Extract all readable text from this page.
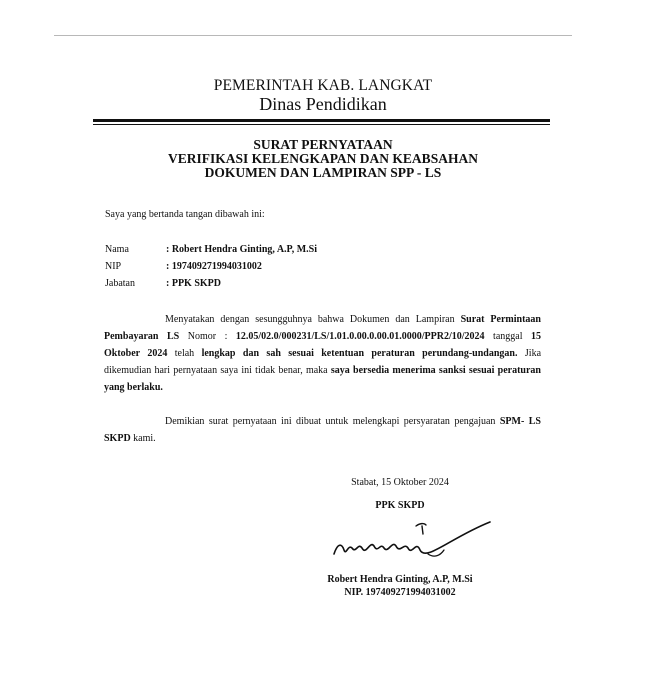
PEMERINTAH KAB. LANGKAT
Dinas Pendidikan
SURAT PERNYATAAN
VERIFIKASI KELENGKAPAN DAN KEABSAHAN
DOKUMEN DAN LAMPIRAN SPP - LS
Saya yang bertanda tangan dibawah ini:
Nama	: Robert Hendra Ginting, A.P, M.Si
NIP	: 197409271994031002
Jabatan	: PPK SKPD
Menyatakan dengan sesungguhnya bahwa Dokumen dan Lampiran Surat Permintaan Pembayaran LS Nomor : 12.05/02.0/000231/LS/1.01.0.00.0.00.01.0000/PPR2/10/2024 tanggal 15 Oktober 2024 telah lengkap dan sah sesuai ketentuan peraturan perundang-undangan. Jika dikemudian hari pernyataan saya ini tidak benar, maka saya bersedia menerima sanksi sesuai peraturan yang berlaku.
Demikian surat pernyataan ini dibuat untuk melengkapi persyaratan pengajuan SPM- LS SKPD kami.
Stabat, 15 Oktober 2024
PPK SKPD
Robert Hendra Ginting, A.P, M.Si
NIP. 197409271994031002
